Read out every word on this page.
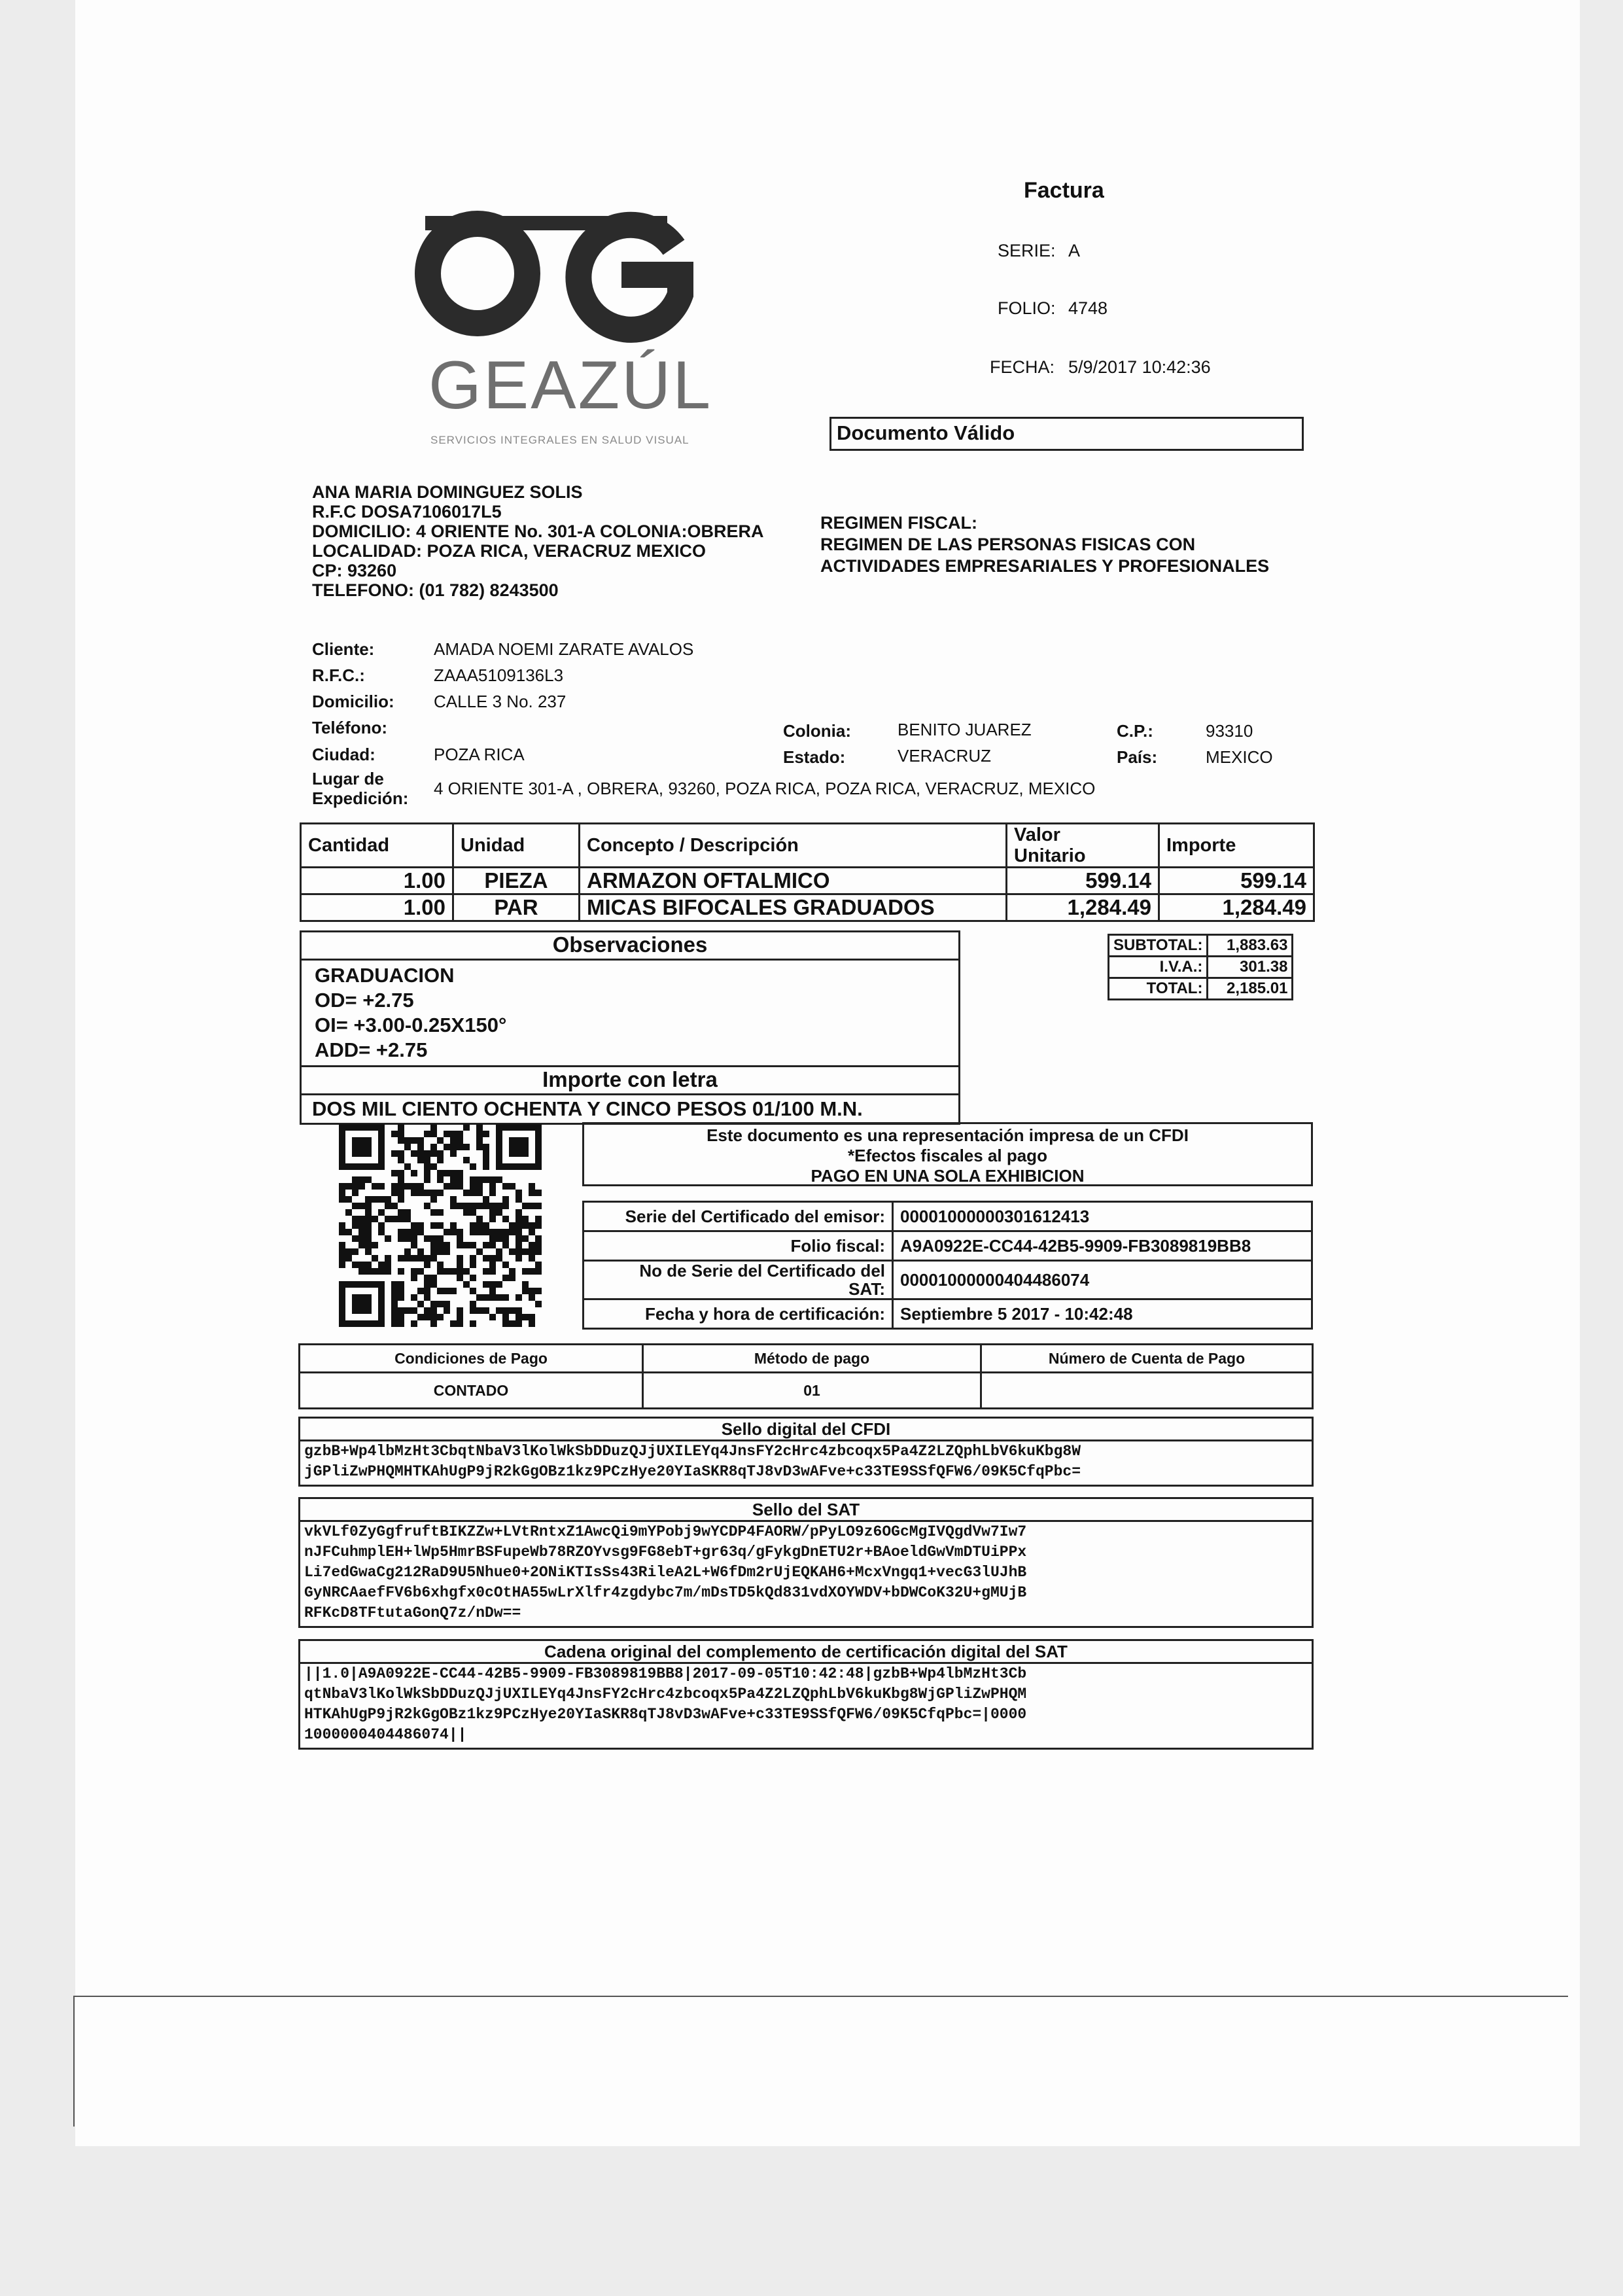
GEAZÚL
SERVICIOS INTEGRALES EN SALUD VISUAL
Factura
SERIE: A
FOLIO: 4748
FECHA: 5/9/2017 10:42:36
Documento Válido
ANA MARIA DOMINGUEZ SOLIS
R.F.C DOSA7106017L5
DOMICILIO: 4 ORIENTE No. 301-A COLONIA:OBRERA
LOCALIDAD: POZA RICA, VERACRUZ MEXICO
CP: 93260
TELEFONO: (01 782) 8243500
REGIMEN FISCAL:
REGIMEN DE LAS PERSONAS FISICAS CON
ACTIVIDADES EMPRESARIALES Y PROFESIONALES
Cliente:	AMADA NOEMI ZARATE AVALOS
R.F.C.:	ZAAA5109136L3
Domicilio: CALLE 3 No. 237
Teléfono:	Colonia:	BENITO JUAREZ	C.P.:	93310
Ciudad:	POZA RICA	Estado:	VERACRUZ	País:	MEXICO
Lugar de
Expedición: 4 ORIENTE 301-A , OBRERA, 93260, POZA RICA, POZA RICA, VERACRUZ, MEXICO
Cantidad	Unidad	Concepto / Descripción	Valor
Unitario	Importe
1.00	PIEZA	ARMAZON OFTALMICO	599.14	599.14
1.00	PAR	MICAS BIFOCALES GRADUADOS	1,284.49	1,284.49
Observaciones
GRADUACION
OD= +2.75
OI= +3.00-0.25X150°
ADD= +2.75
Importe con letra
DOS MIL CIENTO OCHENTA Y CINCO PESOS 01/100 M.N.
SUBTOTAL:	1,883.63
I.V.A.:	301.38
TOTAL:	2,185.01
Este documento es una representación impresa de un CFDI
*Efectos fiscales al pago
PAGO EN UNA SOLA EXHIBICION
Serie del Certificado del emisor:	00001000000301612413
Folio fiscal:	A9A0922E-CC44-42B5-9909-FB3089819BB8

No de Serie del Certificado del
SAT:	00001000000404486074
Fecha y hora de certificación:	Septiembre 5 2017 - 10:42:48
Condiciones de Pago	Método de pago	Número de Cuenta de Pago
CONTADO	01	
Sello digital del CFDI
gzbB+Wp4lbMzHt3CbqtNbaV3lKolWkSbDDuzQJjUXILEYq4JnsFY2cHrc4zbcoqx5Pa4Z2LZQphLbV6kuKbg8W
jGPliZwPHQMHTKAhUgP9jR2kGgOBz1kz9PCzHye20YIaSKR8qTJ8vD3wAFve+c33TE9SSfQFW6/09K5CfqPbc=
Sello del SAT
vkVLf0ZyGgfruftBIKZZw+LVtRntxZ1AwcQi9mYPobj9wYCDP4FAORW/pPyLO9z6OGcMgIVQgdVw7Iw7
nJFCuhmplEH+lWp5HmrBSFupeWb78RZOYvsg9FG8ebT+gr63q/gFykgDnETU2r+BAoeldGwVmDTUiPPx
Li7edGwaCg212RaD9U5Nhue0+2ONiKTIsSs43RileA2L+W6fDm2rUjEQKAH6+McxVngq1+vecG3lUJhB
GyNRCAaefFV6b6xhgfx0cOtHA55wLrXlfr4zgdybc7m/mDsTD5kQd831vdXOYWDV+bDWCoK32U+gMUjB
RFKcD8TFtutaGonQ7z/nDw==
Cadena original del complemento de certificación digital del SAT
||1.0|A9A0922E-CC44-42B5-9909-FB3089819BB8|2017-09-05T10:42:48|gzbB+Wp4lbMzHt3Cb
qtNbaV3lKolWkSbDDuzQJjUXILEYq4JnsFY2cHrc4zbcoqx5Pa4Z2LZQphLbV6kuKbg8WjGPliZwPHQM
HTKAhUgP9jR2kGgOBz1kz9PCzHye20YIaSKR8qTJ8vD3wAFve+c33TE9SSfQFW6/09K5CfqPbc=|0000
1000000404486074||
